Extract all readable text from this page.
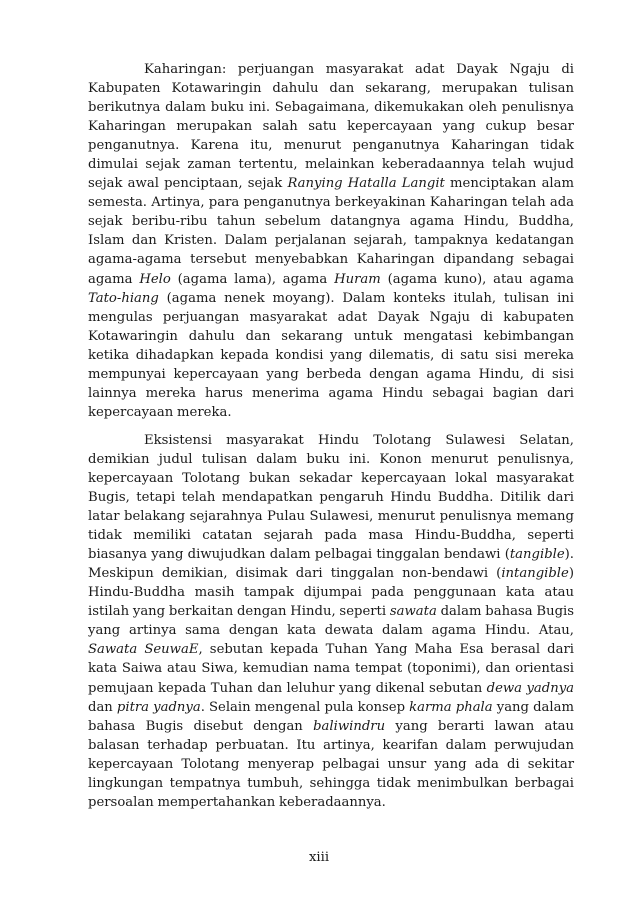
Kaharingan: perjuangan masyarakat adat Dayak Ngaju di Kabupaten Kotawaringin dahulu dan sekarang, merupakan tulisan berikutnya dalam buku ini. Sebagaimana, dikemukakan oleh penulisnya Kaharingan merupakan salah satu kepercayaan yang cukup besar penganutnya. Karena itu, menurut penganutnya Kaharingan tidak dimulai sejak zaman tertentu, melainkan keberadaannya telah wujud sejak awal penciptaan, sejak Ranying Hatalla Langit menciptakan alam semesta. Artinya, para penganutnya berkeyakinan Kaharingan telah ada sejak beribu-ribu tahun sebelum datangnya agama Hindu, Buddha, Islam dan Kristen. Dalam perjalanan sejarah, tampaknya kedatangan agama-agama tersebut menyebabkan Kaharingan dipandang sebagai agama Helo (agama lama), agama Huram (agama kuno), atau agama Tato-hiang (agama nenek moyang). Dalam konteks itulah, tulisan ini mengulas perjuangan masyarakat adat Dayak Ngaju di kabupaten Kotawaringin dahulu dan sekarang untuk mengatasi kebimbangan ketika dihadapkan kepada kondisi yang dilematis, di satu sisi mereka mempunyai kepercayaan yang berbeda dengan agama Hindu, di sisi lainnya mereka harus menerima agama Hindu sebagai bagian dari kepercayaan mereka.

Eksistensi masyarakat Hindu Tolotang Sulawesi Selatan, demikian judul tulisan dalam buku ini. Konon menurut penulisnya, kepercayaan Tolotang bukan sekadar kepercayaan lokal masyarakat Bugis, tetapi telah mendapatkan pengaruh Hindu Buddha. Ditilik dari latar belakang sejarahnya Pulau Sulawesi, menurut penulisnya memang tidak memiliki catatan sejarah pada masa Hindu-Buddha, seperti biasanya yang diwujudkan dalam pelbagai tinggalan bendawi (tangible). Meskipun demikian, disimak dari tinggalan non-bendawi (intangible) Hindu-Buddha masih tampak dijumpai pada penggunaan kata atau istilah yang berkaitan dengan Hindu, seperti sawata dalam bahasa Bugis yang artinya sama dengan kata dewata dalam agama Hindu. Atau, Sawata SeuwaE, sebutan kepada Tuhan Yang Maha Esa berasal dari kata Saiwa atau Siwa, kemudian nama tempat (toponimi), dan orientasi pemujaan kepada Tuhan dan leluhur yang dikenal sebutan dewa yadnya dan pitra yadnya. Selain mengenal pula konsep karma phala yang dalam bahasa Bugis disebut dengan baliwindru yang berarti lawan atau balasan terhadap perbuatan. Itu artinya, kearifan dalam perwujudan kepercayaan Tolotang menyerap pelbagai unsur yang ada di sekitar lingkungan tempatnya tumbuh, sehingga tidak menimbulkan berbagai persoalan mempertahankan keberadaannya.

xiii
